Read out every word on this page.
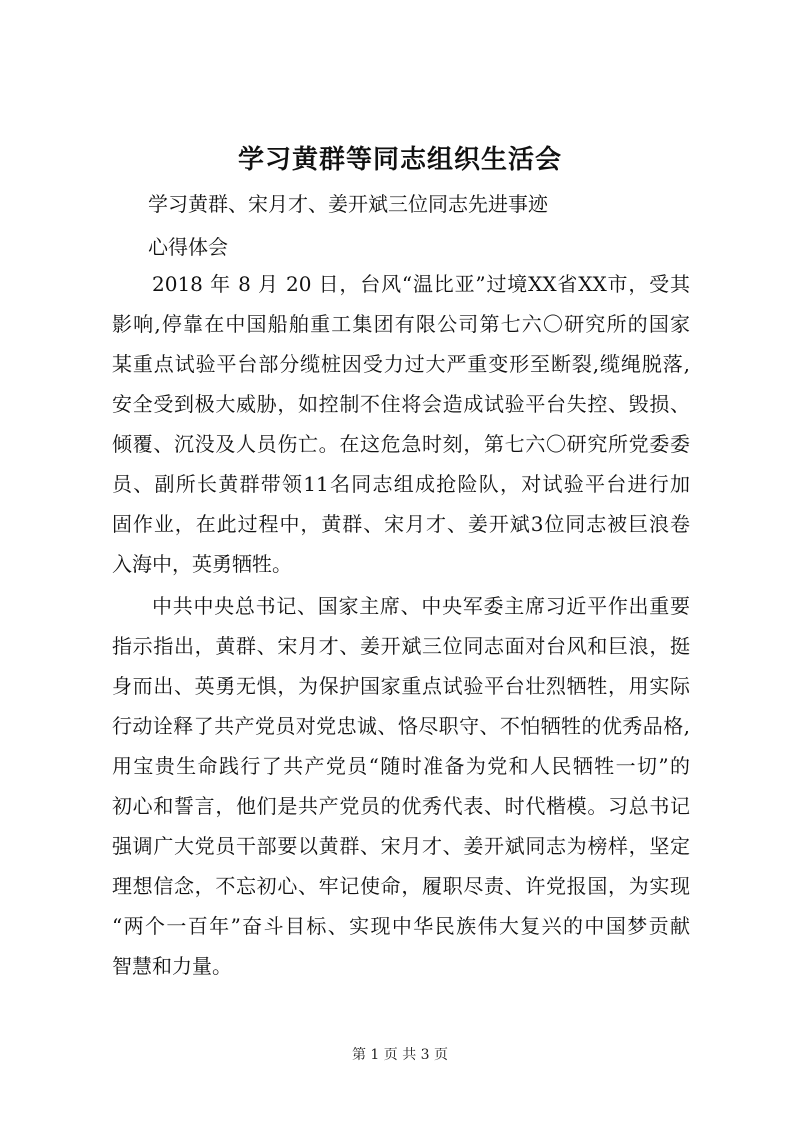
学习黄群等同志组织生活会

学习黄群、宋月才、姜开斌三位同志先进事迹

心得体会

2018 年 8 月 20 日，台风“温比亚”过境XX省XX市，受其
影响,停靠在中国船舶重工集团有限公司第七六〇研究所的国家
某重点试验平台部分缆桩因受力过大严重变形至断裂,缆绳脱落,
安全受到极大威胁，如控制不住将会造成试验平台失控、毁损、
倾覆、沉没及人员伤亡。在这危急时刻，第七六〇研究所党委委
员、副所长黄群带领11名同志组成抢险队，对试验平台进行加
固作业，在此过程中，黄群、宋月才、姜开斌3位同志被巨浪卷
入海中，英勇牺牲。
中共中央总书记、国家主席、中央军委主席习近平作出重要
指示指出，黄群、宋月才、姜开斌三位同志面对台风和巨浪，挺
身而出、英勇无惧，为保护国家重点试验平台壮烈牺牲，用实际
行动诠释了共产党员对党忠诚、恪尽职守、不怕牺牲的优秀品格,
用宝贵生命践行了共产党员“随时准备为党和人民牺牲一切”的
初心和誓言，他们是共产党员的优秀代表、时代楷模。习总书记
强调广大党员干部要以黄群、宋月才、姜开斌同志为榜样，坚定
理想信念，不忘初心、牢记使命，履职尽责、许党报国，为实现
“两个一百年”奋斗目标、实现中华民族伟大复兴的中国梦贡献
智慧和力量。
第 1 页 共 3 页
